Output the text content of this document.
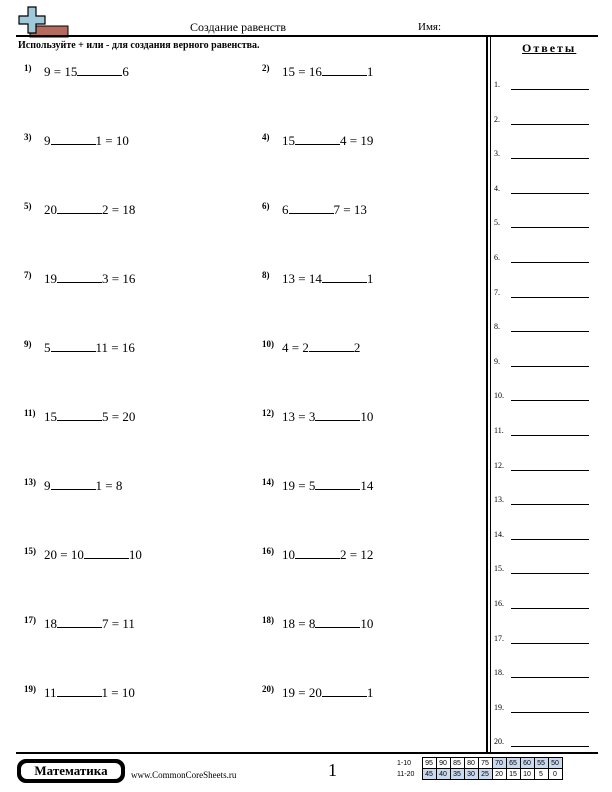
Создание равенств	Имя:
Используйте + или - для создания верного равенства.
1) 9 = 15	6	2) 15 = 16	1
3) 9	1 = 10	4) 15	4 = 19
5) 20	2 = 18	6) 6	7 = 13
7) 19	3 = 16	8) 13 = 14	1
9) 5	11 = 16	10) 4 = 2	2
11) 15	5 = 20	12) 13 = 3	10
13) 9	1 = 8	14) 19 = 5	14
15) 20 = 10	10	16) 10	2 = 12
17) 18	7 = 11	18) 18 = 8	10
19) 11	1 = 10	20) 19 = 20	1
Ответы
1.
2.
3.
4.
5.
6.
7.
8.
9.
10.
11.
12.
13.
14.
15.
16.
17.
18.
19.
20.
Математика	www.CommonCoreSheets.ru	1	1-10	95	90	85	80	75	70	65	60	55	50
11-20	45	40	35	30	25	20	15	10	5	0
